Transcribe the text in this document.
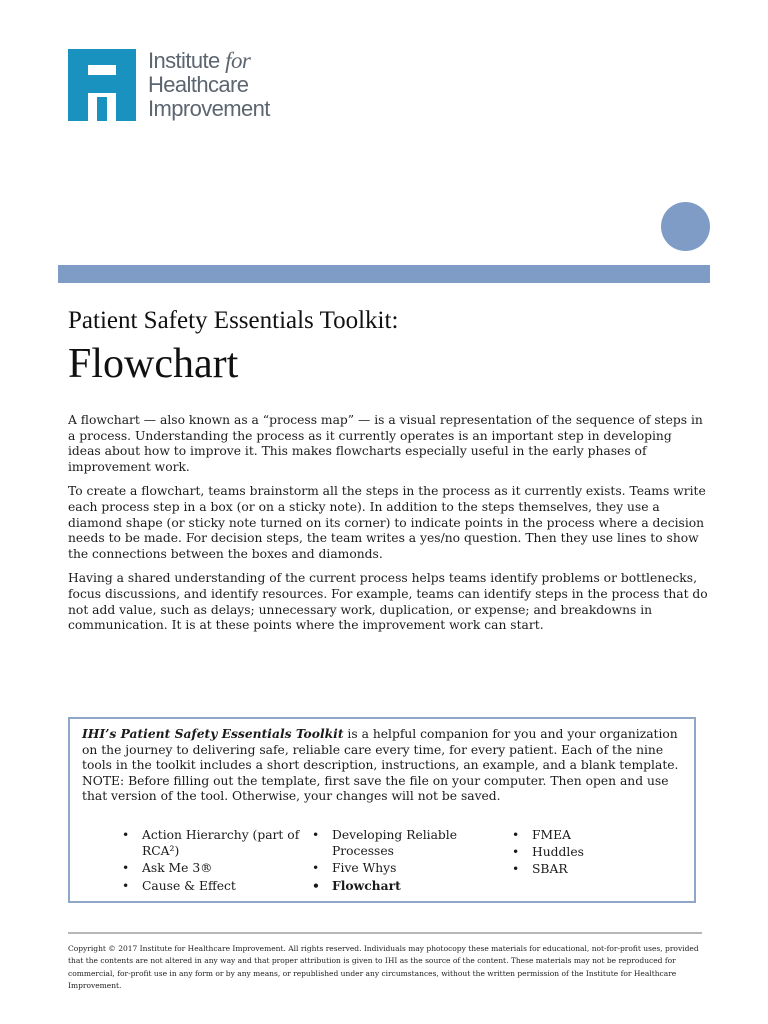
Institute for
Healthcare
Improvement
Patient Safety Essentials Toolkit:
Flowchart

A flowchart — also known as a “process map” — is a visual representation of the sequence of steps in a process. Understanding the process as it currently operates is an important step in developing ideas about how to improve it. This makes flowcharts especially useful in the early phases of improvement work.

To create a flowchart, teams brainstorm all the steps in the process as it currently exists. Teams write each process step in a box (or on a sticky note). In addition to the steps themselves, they use a diamond shape (or sticky note turned on its corner) to indicate points in the process where a decision needs to be made. For decision steps, the team writes a yes/no question. Then they use lines to show the connections between the boxes and diamonds.

Having a shared understanding of the current process helps teams identify problems or bottlenecks, focus discussions, and identify resources. For example, teams can identify steps in the process that do not add value, such as delays; unnecessary work, duplication, or expense; and breakdowns in communication. It is at these points where the improvement work can start.

IHI’s Patient Safety Essentials Toolkit is a helpful companion for you and your organization on the journey to delivering safe, reliable care every time, for every patient. Each of the nine tools in the toolkit includes a short description, instructions, an example, and a blank template. NOTE: Before filling out the template, first save the file on your computer. Then open and use that version of the tool. Otherwise, your changes will not be saved.
• Action Hierarchy (part of RCA²)
• Ask Me 3®
• Cause & Effect
• Developing Reliable Processes
• Five Whys
• Flowchart
• FMEA
• Huddles
• SBAR
Copyright © 2017 Institute for Healthcare Improvement. All rights reserved. Individuals may photocopy these materials for educational, not-for-profit uses, provided that the contents are not altered in any way and that proper attribution is given to IHI as the source of the content. These materials may not be reproduced for commercial, for-profit use in any form or by any means, or republished under any circumstances, without the written permission of the Institute for Healthcare Improvement.
